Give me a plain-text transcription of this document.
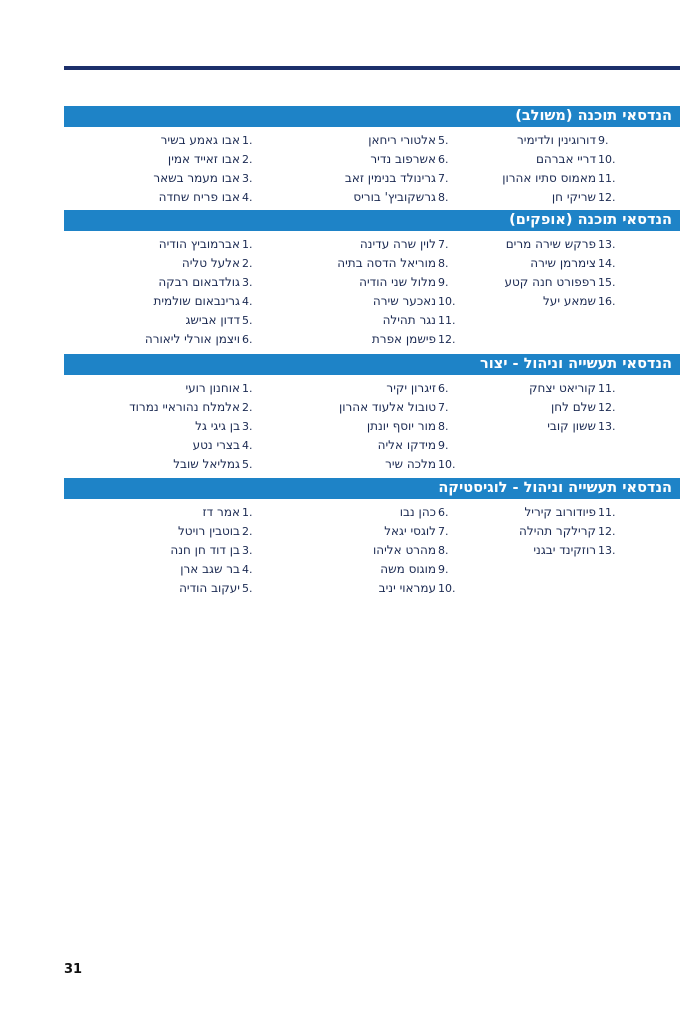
הנדסאי תוכנה (משולב)
1.
אבו גאמע בשיר
2.
אבו זאייד אמין
3.
אבו מעמר בשאר
4.
אבו פריח שחדה
5.
אלטורי ריחאן
6.
אשרפוב נדיר
7.
גרינולד בנימין זאב
8.
גרשקוביץ' בוריס
9.
דורוגינין ולדימיר
10.
דריי אברהם
11.
מאמוס סתיו אהרון
12.
שריקי חן
הנדסאי תוכנה (אופקים)
1.
אברמוביץ הודיה
2.
אלעל טליה
3.
גולדבאום רבקה
4.
גרינבאום שולמית
5.
דדון אבישג
6.
ויצמן אורלי ליאורה
7.
לוין שרה עדינה
8.
מוריאל הדסה בתיה
9.
מלול שני הודיה
10.
נאכער שירה
11.
נגר תהילה
12.
פישמן אפרת
13.
פרקש שירה מרים
14.
צימרמן שירה
15.
רפפורט חנה קטע
16.
שמאע יעל
הנדסאי תעשייה וניהול - יצור
1.
אוחנון רועי
2.
אלמלח נהוראיי נמרוד
3.
בן גיגי גל
4.
בצרי נטע
5.
גמליאל שובל
6.
זיגרון יקיר
7.
טובול אלעוד אהרון
8.
מור יוסף יונתן
9.
מידקו אליה
10.
מלכה שיר
11.
קוריאט יצחק
12.
שלם לחן
13.
ששון קובי
הנדסאי תעשייה וניהול - לוגיסטיקה
1.
אמר דז
2.
בוטבין רויטל
3.
בן דוד חן חנה
4.
בר שגב ארן
5.
יעקוב הודיה
6.
כהן נבו
7.
לוגסי יגאל
8.
מהרט אליהו
9.
מוגוס משה
10.
עמראוי יניב
11.
פיודורוב קיריל
12.
קרילקר תהילה
13.
רוזקינד יבגני
31
